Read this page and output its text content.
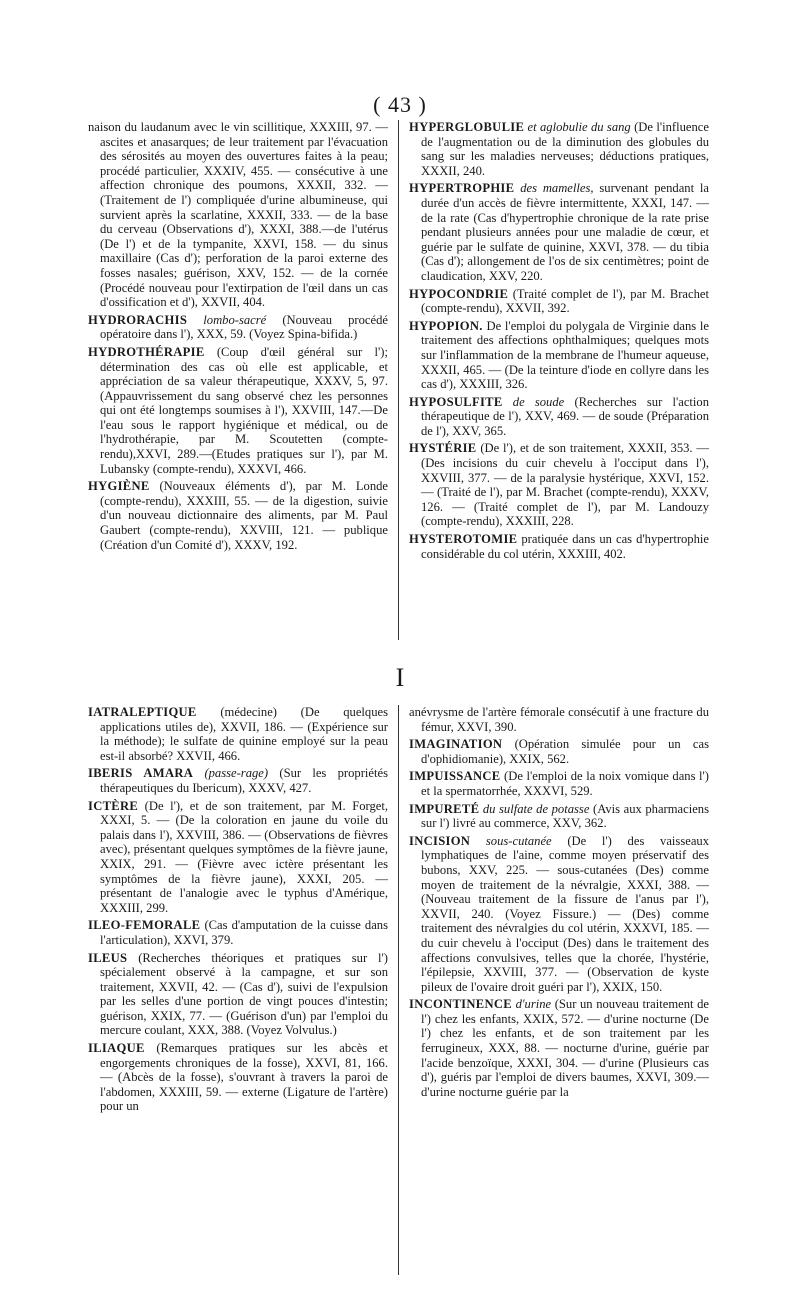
( 43 )

naison du laudanum avec le vin scillitique, XXXIII, 97. — ascites et anasarques; de leur traitement par l'évacuation des sérosités au moyen des ouvertures faites à la peau; procédé particulier, XXXIV, 455. — consécutive à une affection chronique des poumons, XXXII, 332. — (Traitement de l') compliquée d'urine albumineuse, qui survient après la scarlatine, XXXII, 333. — de la base du cerveau (Observations d'), XXXI, 388.—de l'utérus (De l') et de la tympanite, XXVI, 158. — du sinus maxillaire (Cas d'); perforation de la paroi externe des fosses nasales; guérison, XXV, 152. — de la cornée (Procédé nouveau pour l'extirpation de l'œil dans un cas d'ossification et d'), XXVII, 404.

HYDRORACHIS lombo-sacré (Nouveau procédé opératoire dans l'), XXX, 59. (Voyez Spina-bifida.)

HYDROTHÉRAPIE (Coup d'œil général sur l'); détermination des cas où elle est applicable, et appréciation de sa valeur thérapeutique, XXXV, 5, 97. (Appauvrissement du sang observé chez les personnes qui ont été longtemps soumises à l'), XXVIII, 147.—De l'eau sous le rapport hygiénique et médical, ou de l'hydrothérapie, par M. Scoutetten (compte-rendu),XXVI, 289.—(Etudes pratiques sur l'), par M. Lubansky (compte-rendu), XXXVI, 466.

HYGIÈNE (Nouveaux éléments d'), par M. Londe (compte-rendu), XXXIII, 55. — de la digestion, suivie d'un nouveau dictionnaire des aliments, par M. Paul Gaubert (compte-rendu), XXVIII, 121. — publique (Création d'un Comité d'), XXXV, 192.

HYPERGLOBULIE et aglobulie du sang (De l'influence de l'augmentation ou de la diminution des globules du sang sur les maladies nerveuses; déductions pratiques, XXXII, 240.

HYPERTROPHIE des mamelles, survenant pendant la durée d'un accès de fièvre intermittente, XXXI, 147. — de la rate (Cas d'hypertrophie chronique de la rate prise pendant plusieurs années pour une maladie de cœur, et guérie par le sulfate de quinine, XXVI, 378. — du tibia (Cas d'); allongement de l'os de six centimètres; point de claudication, XXV, 220.

HYPOCONDRIE (Traité complet de l'), par M. Brachet (compte-rendu), XXVII, 392.

HYPOPION. De l'emploi du polygala de Virginie dans le traitement des affections ophthalmiques; quelques mots sur l'inflammation de la membrane de l'humeur aqueuse, XXXII, 465. — (De la teinture d'iode en collyre dans les cas d'), XXXIII, 326.

HYPOSULFITE de soude (Recherches sur l'action thérapeutique de l'), XXV, 469. — de soude (Préparation de l'), XXV, 365.

HYSTÉRIE (De l'), et de son traitement, XXXII, 353. — (Des incisions du cuir chevelu à l'occiput dans l'), XXVIII, 377. — de la paralysie hystérique, XXVI, 152. — (Traité de l'), par M. Brachet (compte-rendu), XXXV, 126. — (Traité complet de l'), par M. Landouzy (compte-rendu), XXXIII, 228.

HYSTEROTOMIE pratiquée dans un cas d'hypertrophie considérable du col utérin, XXXIII, 402.

I

IATRALEPTIQUE (médecine) (De quelques applications utiles de), XXVII, 186. — (Expérience sur la méthode); le sulfate de quinine employé sur la peau est-il absorbé? XXVII, 466.

IBERIS AMARA (passe-rage) (Sur les propriétés thérapeutiques du Ibericum), XXXV, 427.

ICTÈRE (De l'), et de son traitement, par M. Forget, XXXI, 5. — (De la coloration en jaune du voile du palais dans l'), XXVIII, 386. — (Observations de fièvres avec), présentant quelques symptômes de la fièvre jaune, XXIX, 291. — (Fièvre avec ictère présentant les symptômes de la fièvre jaune), XXXI, 205. — présentant de l'analogie avec le typhus d'Amérique, XXXIII, 299.

ILEO-FEMORALE (Cas d'amputation de la cuisse dans l'articulation), XXVI, 379.

ILEUS (Recherches théoriques et pratiques sur l') spécialement observé à la campagne, et sur son traitement, XXVII, 42. — (Cas d'), suivi de l'expulsion par les selles d'une portion de vingt pouces d'intestin; guérison, XXIX, 77. — (Guérison d'un) par l'emploi du mercure coulant, XXX, 388. (Voyez Volvulus.)

ILIAQUE (Remarques pratiques sur les abcès et engorgements chroniques de la fosse), XXVI, 81, 166. — (Abcès de la fosse), s'ouvrant à travers la paroi de l'abdomen, XXXIII, 59. — externe (Ligature de l'artère) pour un

anévrysme de l'artère fémorale consécutif à une fracture du fémur, XXVI, 390.

IMAGINATION (Opération simulée pour un cas d'ophidiomanie), XXIX, 562.

IMPUISSANCE (De l'emploi de la noix vomique dans l') et la spermatorrhée, XXXVI, 529.

IMPURETÉ du sulfate de potasse (Avis aux pharmaciens sur l') livré au commerce, XXV, 362.

INCISION sous-cutanée (De l') des vaisseaux lymphatiques de l'aine, comme moyen préservatif des bubons, XXV, 225. — sous-cutanées (Des) comme moyen de traitement de la névralgie, XXXI, 388. — (Nouveau traitement de la fissure de l'anus par l'), XXVII, 240. (Voyez Fissure.) — (Des) comme traitement des névralgies du col utérin, XXXVI, 185. — du cuir chevelu à l'occiput (Des) dans le traitement des affections convulsives, telles que la chorée, l'hystérie, l'épilepsie, XXVIII, 377. — (Observation de kyste pileux de l'ovaire droit guéri par l'), XXIX, 150.

INCONTINENCE d'urine (Sur un nouveau traitement de l') chez les enfants, XXIX, 572. — d'urine nocturne (De l') chez les enfants, et de son traitement par les ferrugineux, XXX, 88. — nocturne d'urine, guérie par l'acide benzoïque, XXXI, 304. — d'urine (Plusieurs cas d'), guéris par l'emploi de divers baumes, XXVI, 309.— d'urine nocturne guérie par la
